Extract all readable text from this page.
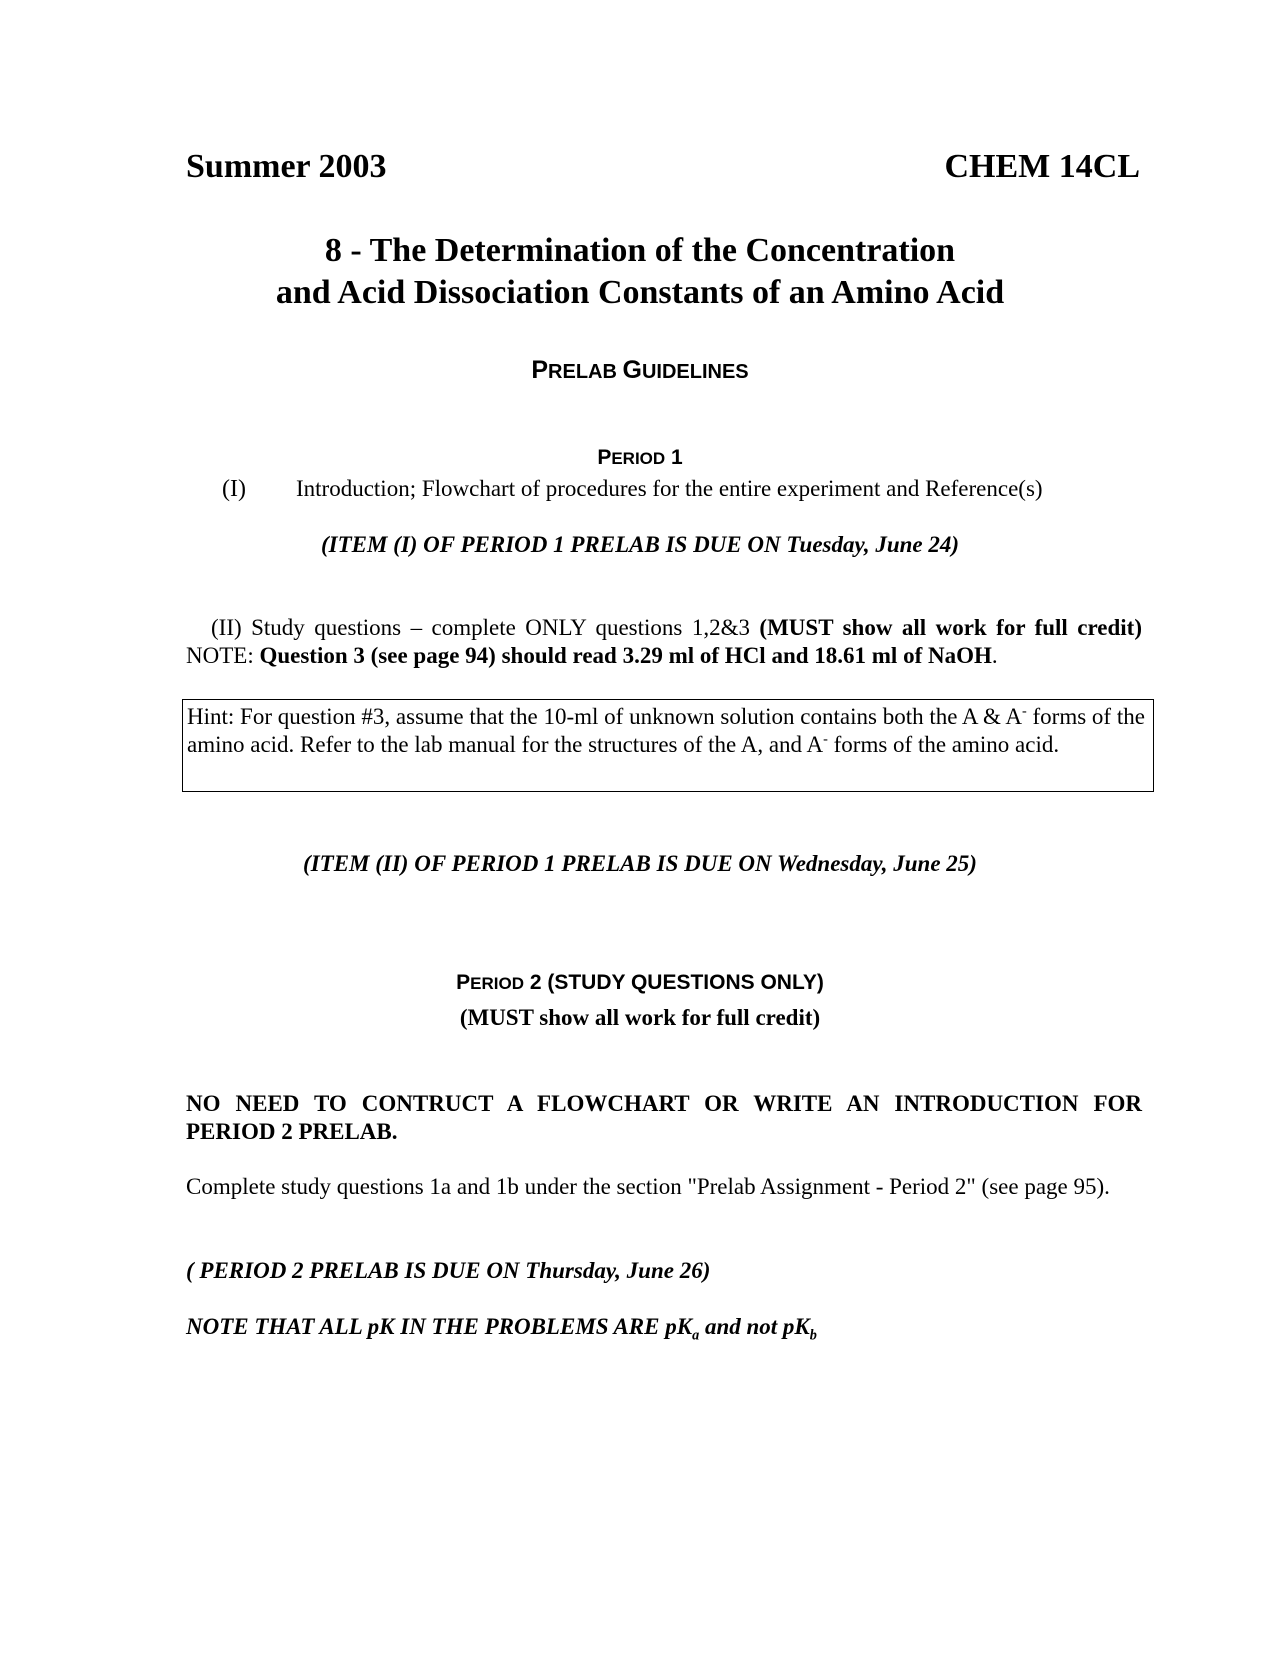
Summer 2003	CHEM 14CL
8 - The Determination of the Concentration
and Acid Dissociation Constants of an Amino Acid
PRELAB GUIDELINES
PERIOD 1
(I) Introduction; Flowchart of procedures for the entire experiment and Reference(s)
(ITEM (I) OF PERIOD 1 PRELAB IS DUE ON Tuesday, June 24)
(II) Study questions – complete ONLY questions 1,2&3 (MUST show all work for full credit) NOTE: Question 3 (see page 94) should read 3.29 ml of HCl and 18.61 ml of NaOH.
Hint: For question #3, assume that the 10-ml of unknown solution contains both the A & A- forms of the amino acid. Refer to the lab manual for the structures of the A, and A- forms of the amino acid.
(ITEM (II) OF PERIOD 1 PRELAB IS DUE ON Wednesday, June 25)
PERIOD 2 (STUDY QUESTIONS ONLY)
(MUST show all work for full credit)
NO NEED TO CONTRUCT A FLOWCHART OR WRITE AN INTRODUCTION FOR PERIOD 2 PRELAB.
Complete study questions 1a and 1b under the section "Prelab Assignment - Period 2" (see page 95).
( PERIOD 2 PRELAB IS DUE ON Thursday, June 26)
NOTE THAT ALL pK IN THE PROBLEMS ARE $pK_a$ and not $pK_b$
